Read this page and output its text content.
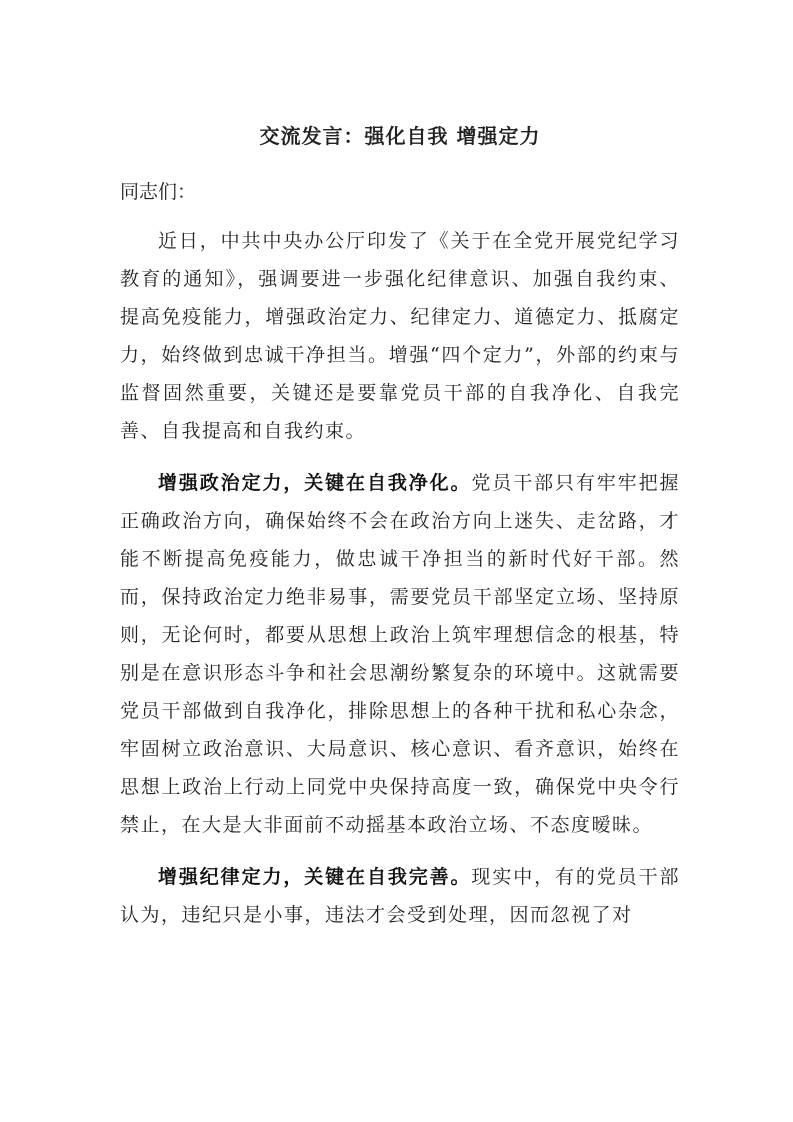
交流发言：强化自我 增强定力
同志们：

近日，中共中央办公厅印发了《关于在全党开展党纪学习教育的通知》，强调要进一步强化纪律意识、加强自我约束、提高免疫能力，增强政治定力、纪律定力、道德定力、抵腐定力，始终做到忠诚干净担当。增强“四个定力”，外部的约束与监督固然重要，关键还是要靠党员干部的自我净化、自我完善、自我提高和自我约束。

增强政治定力，关键在自我净化。党员干部只有牢牢把握正确政治方向，确保始终不会在政治方向上迷失、走岔路，才能不断提高免疫能力，做忠诚干净担当的新时代好干部。然而，保持政治定力绝非易事，需要党员干部坚定立场、坚持原则，无论何时，都要从思想上政治上筑牢理想信念的根基，特别是在意识形态斗争和社会思潮纷繁复杂的环境中。这就需要党员干部做到自我净化，排除思想上的各种干扰和私心杂念，牢固树立政治意识、大局意识、核心意识、看齐意识，始终在思想上政治上行动上同党中央保持高度一致，确保党中央令行禁止，在大是大非面前不动摇基本政治立场、不态度暧昧。

增强纪律定力，关键在自我完善。现实中，有的党员干部认为，违纪只是小事，违法才会受到处理，因而忽视了对
